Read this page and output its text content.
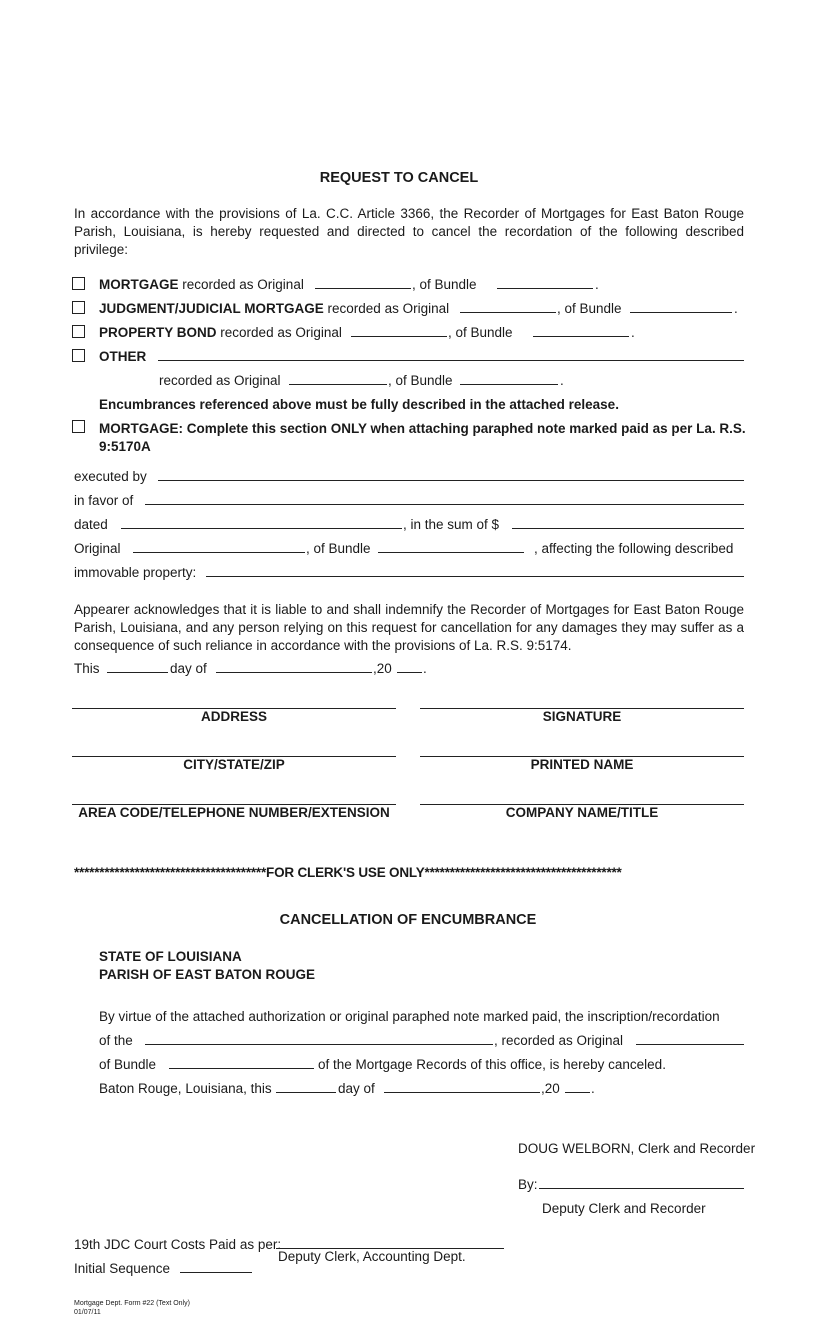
REQUEST TO CANCEL
In accordance with the provisions of La. C.C. Article 3366, the Recorder of Mortgages for East Baton Rouge Parish, Louisiana, is hereby requested and directed to cancel the recordation of the following described privilege:
MORTGAGE recorded as Original	, of Bundle	.
JUDGMENT/JUDICIAL MORTGAGE recorded as Original	, of Bundle	.
PROPERTY BOND recorded as Original	, of Bundle	.
OTHER
recorded as Original	, of Bundle	.
Encumbrances referenced above must be fully described in the attached release.
MORTGAGE: Complete this section ONLY when attaching paraphed note marked paid as per La. R.S.
9:5170A
executed by
in favor of
dated	, in the sum of $
Original	, of Bundle	, affecting the following described
immovable property:
Appearer acknowledges that it is liable to and shall indemnify the Recorder of Mortgages for East Baton Rouge Parish, Louisiana, and any person relying on this request for cancellation for any damages they may suffer as a consequence of such reliance in accordance with the provisions of La. R.S. 9:5174.
This	day of	,20 .
ADDRESS	SIGNATURE
CITY/STATE/ZIP	PRINTED NAME
AREA CODE/TELEPHONE NUMBER/EXTENSION	COMPANY NAME/TITLE
**************************************FOR CLERK'S USE ONLY***************************************
CANCELLATION OF ENCUMBRANCE
STATE OF LOUISIANA
PARISH OF EAST BATON ROUGE
By virtue of the attached authorization or original paraphed note marked paid, the inscription/recordation
of the	, recorded as Original
of Bundle	of the Mortgage Records of this office, is hereby canceled.
Baton Rouge, Louisiana, this	day of	,20 .
DOUG WELBORN, Clerk and Recorder
By:
Deputy Clerk and Recorder
19th JDC Court Costs Paid as per:
Deputy Clerk, Accounting Dept.
Initial Sequence
Mortgage Dept. Form #22 (Text Only)
01/07/11
